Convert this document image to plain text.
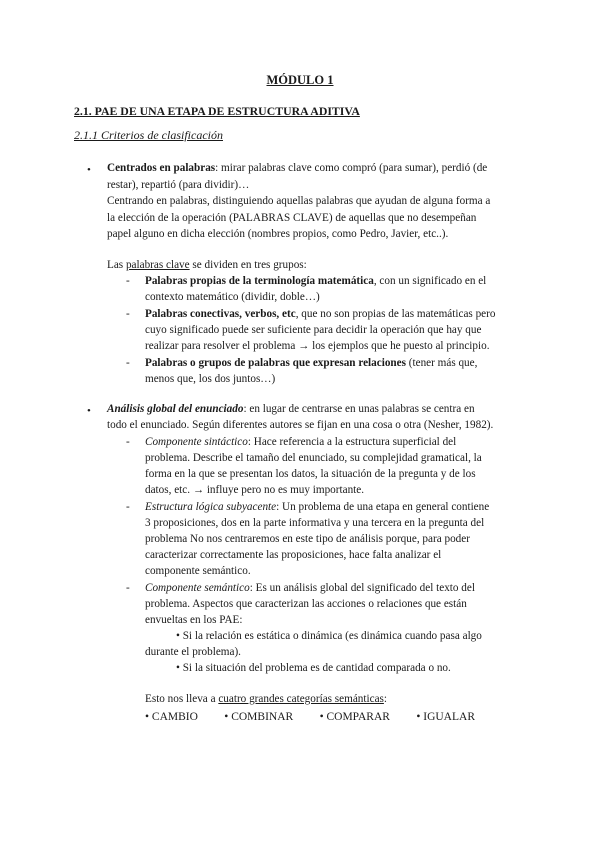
MÓDULO 1
2.1. PAE DE UNA ETAPA DE ESTRUCTURA ADITIVA
2.1.1 Criterios de clasificación
• Centrados en palabras: mirar palabras clave como compró (para sumar), perdió (de
restar), repartió (para dividir)…
Centrando en palabras, distinguiendo aquellas palabras que ayudan de alguna forma a
la elección de la operación (PALABRAS CLAVE) de aquellas que no desempeñan
papel alguno en dicha elección (nombres propios, como Pedro, Javier, etc..).
Las palabras clave se dividen en tres grupos:
- Palabras propias de la terminología matemática, con un significado en el
contexto matemático (dividir, doble…)
- Palabras conectivas, verbos, etc, que no son propias de las matemáticas pero
cuyo significado puede ser suficiente para decidir la operación que hay que
realizar para resolver el problema → los ejemplos que he puesto al principio.
- Palabras o grupos de palabras que expresan relaciones (tener más que,
menos que, los dos juntos…)
• Análisis global del enunciado: en lugar de centrarse en unas palabras se centra en
todo el enunciado. Según diferentes autores se fijan en una cosa o otra (Nesher, 1982).
- Componente sintáctico: Hace referencia a la estructura superficial del
problema. Describe el tamaño del enunciado, su complejidad gramatical, la
forma en la que se presentan los datos, la situación de la pregunta y de los
datos, etc. → influye pero no es muy importante.
- Estructura lógica subyacente: Un problema de una etapa en general contiene
3 proposiciones, dos en la parte informativa y una tercera en la pregunta del
problema No nos centraremos en este tipo de análisis porque, para poder
caracterizar correctamente las proposiciones, hace falta analizar el
componente semántico.
- Componente semántico: Es un análisis global del significado del texto del
problema. Aspectos que caracterizan las acciones o relaciones que están
envueltas en los PAE:
• Si la relación es estática o dinámica (es dinámica cuando pasa algo
durante el problema).
• Si la situación del problema es de cantidad comparada o no.
Esto nos lleva a cuatro grandes categorías semánticas:
• CAMBIO • COMBINAR • COMPARAR • IGUALAR
